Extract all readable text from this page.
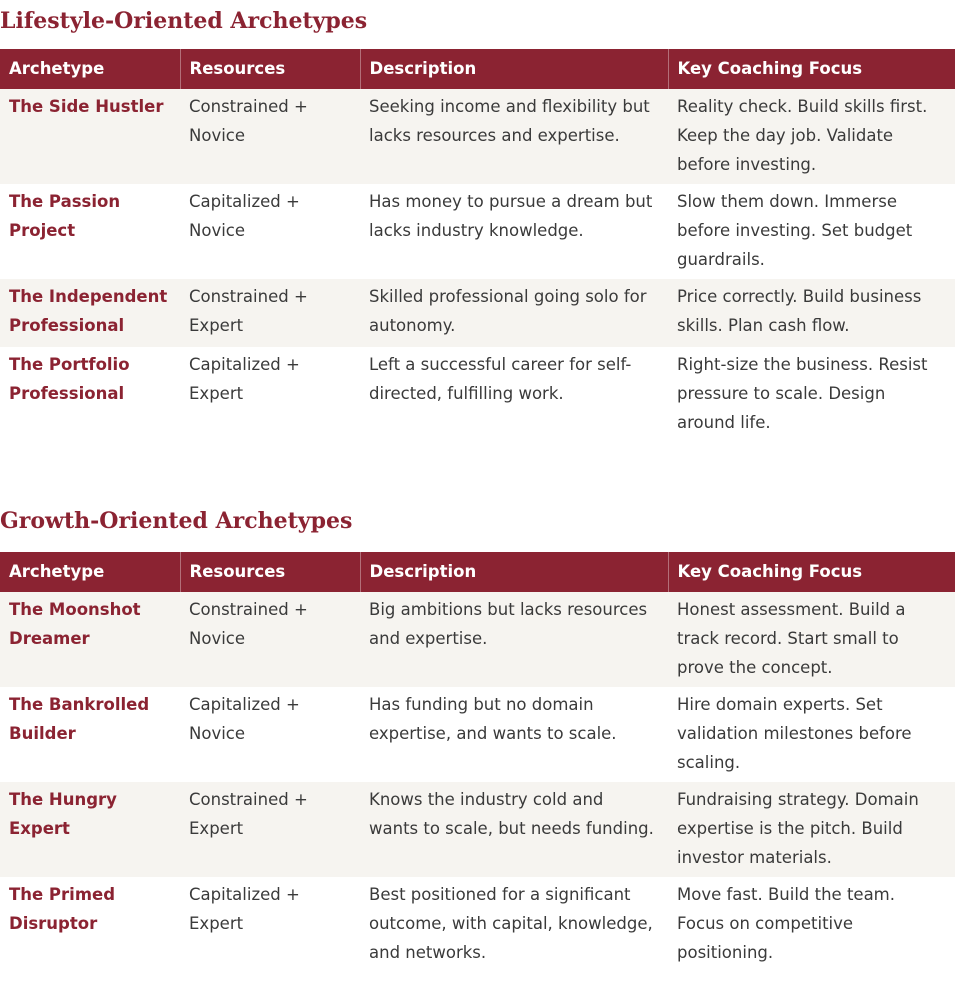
Lifestyle-Oriented Archetypes
Archetype	Resources	Description	Key Coaching Focus
The Side Hustler	Constrained + Novice	Seeking income and flexibility but lacks resources and expertise.	Reality check. Build skills first. Keep the day job. Validate before investing.
The Passion Project	Capitalized + Novice	Has money to pursue a dream but lacks industry knowledge.	Slow them down. Immerse before investing. Set budget guardrails.
The Independent Professional	Constrained + Expert	Skilled professional going solo for autonomy.	Price correctly. Build business skills. Plan cash flow.
The Portfolio Professional	Capitalized + Expert	Left a successful career for self-directed, fulfilling work.	Right-size the business. Resist pressure to scale. Design around life.
Growth-Oriented Archetypes
Archetype	Resources	Description	Key Coaching Focus
The Moonshot Dreamer	Constrained + Novice	Big ambitions but lacks resources and expertise.	Honest assessment. Build a track record. Start small to prove the concept.
The Bankrolled Builder	Capitalized + Novice	Has funding but no domain expertise, and wants to scale.	Hire domain experts. Set validation milestones before scaling.
The Hungry Expert	Constrained + Expert	Knows the industry cold and wants to scale, but needs funding.	Fundraising strategy. Domain expertise is the pitch. Build investor materials.
The Primed Disruptor	Capitalized + Expert	Best positioned for a significant outcome, with capital, knowledge, and networks.	Move fast. Build the team. Focus on competitive positioning.
